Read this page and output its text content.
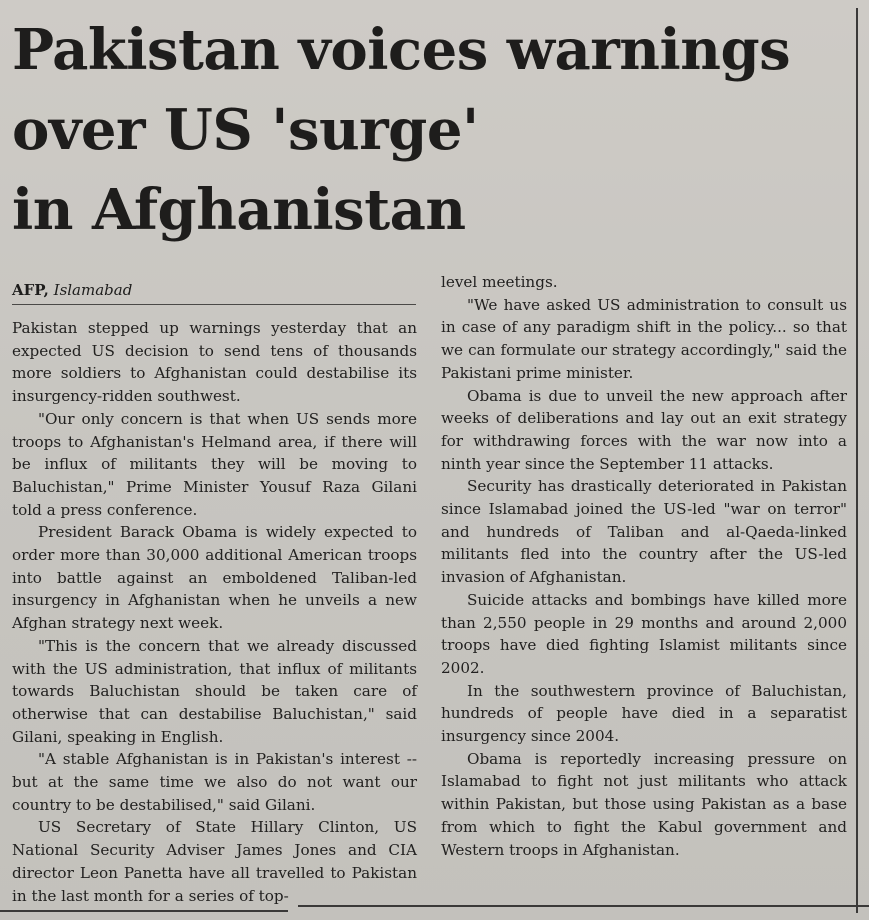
Pakistan voices warnings
over US 'surge'
in Afghanistan
AFP, Islamabad

Pakistan stepped up warnings yesterday that an expected US decision to send tens of thousands more soldiers to Afghanistan could destabilise its insurgency-ridden southwest.

"Our only concern is that when US sends more troops to Afghanistan's Helmand area, if there will be influx of militants they will be moving to Baluchistan," Prime Minister Yousuf Raza Gilani told a press conference.

President Barack Obama is widely expected to order more than 30,000 additional American troops into battle against an emboldened Taliban-led insurgency in Afghanistan when he unveils a new Afghan strategy next week.

"This is the concern that we already discussed with the US administration, that influx of militants towards Baluchistan should be taken care of otherwise that can destabilise Baluchistan," said Gilani, speaking in English.

"A stable Afghanistan is in Pakistan's interest -- but at the same time we also do not want our country to be destabilised," said Gilani.

US Secretary of State Hillary Clinton, US National Security Adviser James Jones and CIA director Leon Panetta have all travelled to Pakistan in the last month for a series of top-

level meetings.

"We have asked US administration to consult us in case of any paradigm shift in the policy... so that we can formulate our strategy accordingly," said the Pakistani prime minister.

Obama is due to unveil the new approach after weeks of deliberations and lay out an exit strategy for withdrawing forces with the war now into a ninth year since the September 11 attacks.

Security has drastically deteriorated in Pakistan since Islamabad joined the US-led "war on terror" and hundreds of Taliban and al-Qaeda-linked militants fled into the country after the US-led invasion of Afghanistan.

Suicide attacks and bombings have killed more than 2,550 people in 29 months and around 2,000 troops have died fighting Islamist militants since 2002.

In the southwestern province of Baluchistan, hundreds of people have died in a separatist insurgency since 2004.

Obama is reportedly increasing pressure on Islamabad to fight not just militants who attack within Pakistan, but those using Pakistan as a base from which to fight the Kabul government and Western troops in Afghanistan.
